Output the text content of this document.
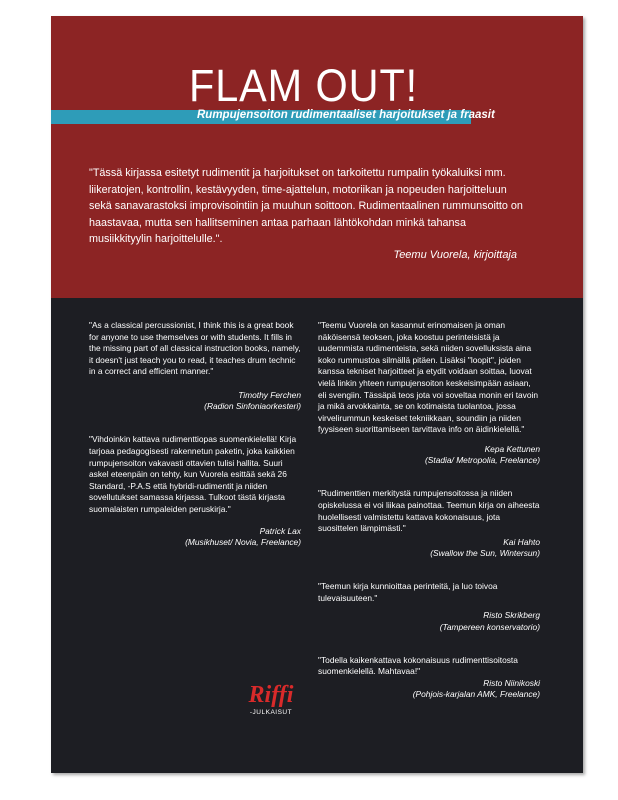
FLAM OUT!
Rumpujensoiton rudimentaaliset harjoitukset ja fraasit

"Tässä kirjassa esitetyt rudimentit ja harjoitukset on tarkoitettu rumpalin työkaluiksi mm. liikeratojen, kontrollin, kestävyyden, time-ajattelun, motoriikan ja nopeuden harjoitteluun sekä sanavarastoksi improvisointiin ja muuhun soittoon. Rudimentaalinen rummunsoitto on haastavaa, mutta sen hallitseminen antaa parhaan lähtökohdan minkä tahansa musiikkityylin harjoittelulle.".

Teemu Vuorela, kirjoittaja

"As a classical percussionist, I think this is a great book for anyone to use themselves or with students. It fills in the missing part of all classical instruction books, namely, it doesn't just teach you to read, it teaches drum technic in a correct and efficient manner."

Timothy Ferchen

(Radion Sinfoniaorkesteri)

"Vihdoinkin kattava rudimenttiopas suomenkielellä! Kirja tarjoaa pedagogisesti rakennetun paketin, joka kaikkien rumpujensoiton vakavasti ottavien tulisi hallita. Suuri askel eteenpäin on tehty, kun Vuorela esittää sekä 26 Standard, -P.A.S että hybridi-rudimentit ja niiden sovellutukset samassa kirjassa. Tulkoot tästä kirjasta suomalaisten rumpaleiden peruskirja."

Patrick Lax

(Musikhuset/ Novia, Freelance)

"Teemu Vuorela on kasannut erinomaisen ja oman näköisensä teoksen, joka koostuu perinteisistä ja uudemmista rudimenteista, sekä niiden sovelluksista aina koko rummustoa silmällä pitäen. Lisäksi "loopit", joiden kanssa tekniset harjoitteet ja etydit voidaan soittaa, luovat vielä linkin yhteen rumpujensoiton keskeisimpään asiaan, eli svengiin. Tässäpä teos jota voi soveltaa monin eri tavoin ja mikä arvokkainta, se on kotimaista tuolantoa, jossa virvelirummun keskeiset tekniikkaan, soundiin ja niiden fyysiseen suorittamiseen tarvittava info on äidinkielellä."

Kepa Kettunen

(Stadia/ Metropolia, Freelance)

"Rudimenttien merkitystä rumpujensoitossa ja niiden opiskelussa ei voi liikaa painottaa. Teemun kirja on aiheesta huolellisesti valmistettu kattava kokonaisuus, jota suosittelen lämpimästi."

Kai Hahto

(Swallow the Sun, Wintersun)

"Teemun kirja kunnioittaa perinteitä, ja luo toivoa tulevaisuuteen."

Risto Skrikberg

(Tampereen konservatorio)

"Todella kaikenkattava kokonaisuus rudimenttisoitosta suomenkielellä. Mahtavaa!"

Risto Niinikoski

(Pohjois-karjalan AMK, Freelance)

Riffi
-JULKAISUT
